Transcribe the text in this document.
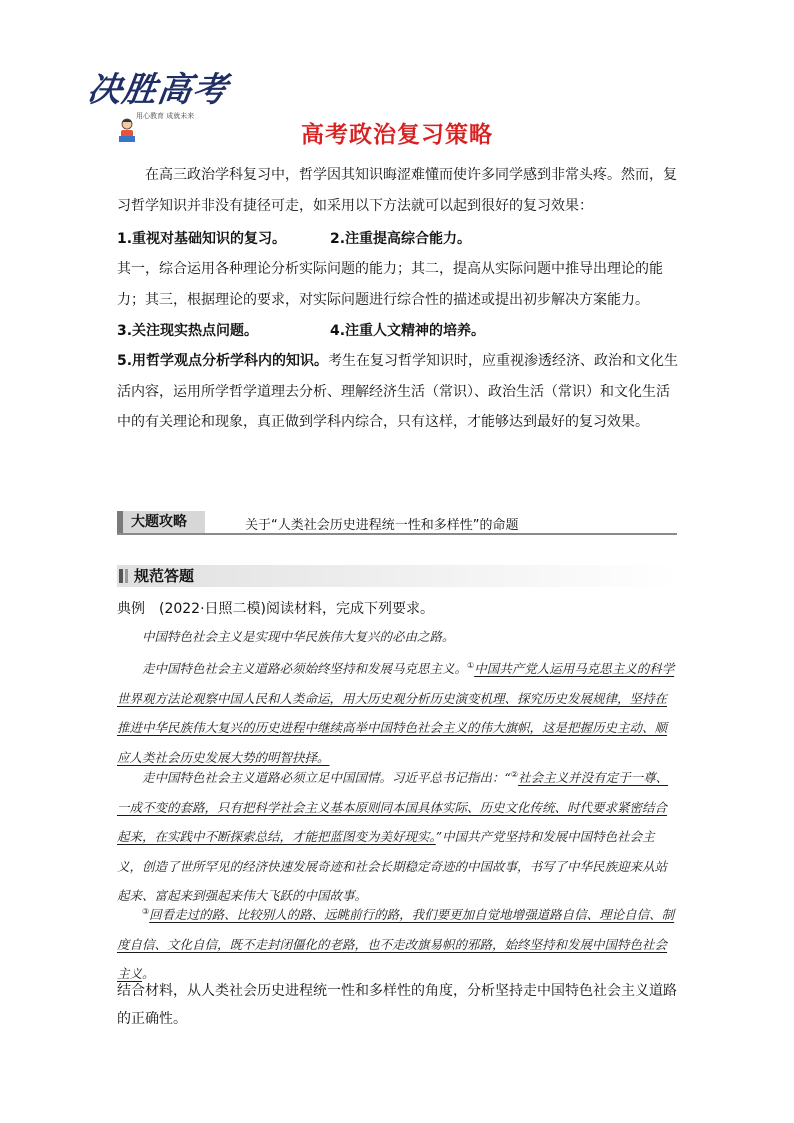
决胜高考
用心教育 成就未来
高考政治复习策略
在高三政治学科复习中，哲学因其知识晦涩难懂而使许多同学感到非常头疼。然而，复习哲学知识并非没有捷径可走，如采用以下方法就可以起到很好的复习效果：
1.重视对基础知识的复习。	2.注重提高综合能力。
其一，综合运用各种理论分析实际问题的能力；其二，提高从实际问题中推导出理论的能力；其三，根据理论的要求，对实际问题进行综合性的描述或提出初步解决方案能力。
3.关注现实热点问题。	4.注重人文精神的培养。
5.用哲学观点分析学科内的知识。考生在复习哲学知识时，应重视渗透经济、政治和文化生活内容，运用所学哲学道理去分析、理解经济生活（常识）、政治生活（常识）和文化生活中的有关理论和现象，真正做到学科内综合，只有这样，才能够达到最好的复习效果。
大题攻略	关于“人类社会历史进程统一性和多样性”的命题
规范答题
典例　(2022·日照二模)阅读材料，完成下列要求。
中国特色社会主义是实现中华民族伟大复兴的必由之路。
走中国特色社会主义道路必须始终坚持和发展马克思主义。①中国共产党人运用马克思主义的科学世界观方法论观察中国人民和人类命运，用大历史观分析历史演变机理、探究历史发展规律，坚持在推进中华民族伟大复兴的历史进程中继续高举中国特色社会主义的伟大旗帜，这是把握历史主动、顺应人类社会历史发展大势的明智抉择。
走中国特色社会主义道路必须立足中国国情。习近平总书记指出：“②社会主义并没有定于一尊、一成不变的套路，只有把科学社会主义基本原则同本国具体实际、历史文化传统、时代要求紧密结合起来，在实践中不断探索总结，才能把蓝图变为美好现实。”中国共产党坚持和发展中国特色社会主义，创造了世所罕见的经济快速发展奇迹和社会长期稳定奇迹的中国故事，书写了中华民族迎来从站起来、富起来到强起来伟大飞跃的中国故事。
③回看走过的路、比较别人的路、远眺前行的路，我们要更加自觉地增强道路自信、理论自信、制度自信、文化自信，既不走封闭僵化的老路，也不走改旗易帜的邪路，始终坚持和发展中国特色社会主义。
结合材料，从人类社会历史进程统一性和多样性的角度，分析坚持走中国特色社会主义道路的正确性。
